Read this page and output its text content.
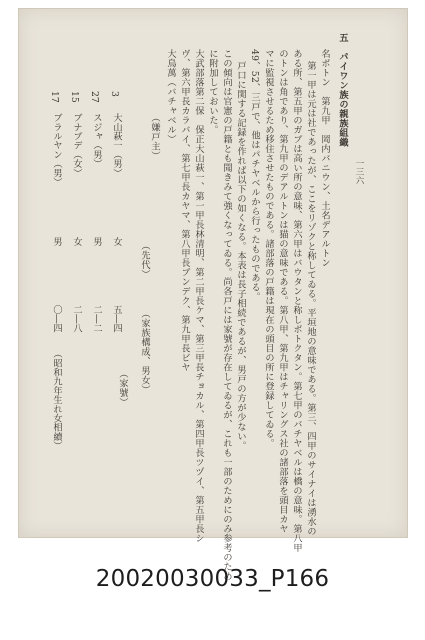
一三六
五　パイワン族の親族組織
名ボトン　第九甲　岡内バニウン、土名デアルトン
第一甲は元は社であったが、ここをリゾクと称してゐる。平垣地の意味である。第三、四甲のサイナイは湧水の
ある所、第五甲のガプは高い所の意味、第六甲はバウタンと称しボトクタン。第七甲のバチヤベルは橋の意味。第八甲
のトンは角であり、第九甲のデアルトンは猫の意味である。第八甲、第九甲はチャリングス社の諸部落を頭目カヤ
マに監視させるため移住させたものである。諸部落の戸籍は現在の頭目の所に登録してゐる。
49、52、三戸で、他はパチヤベルから行ったものである。
戸口に関する記録を作れば以下の如くなる。本表は長子相続であるが、男戸の方が少ない。
この傾向は官憲の戸籍とも聞きみて強くなってゐる。尚各戸には家號が存在してゐるが、これも一部のためにのみ参考のため
に附加しておいた。
大武部落第二保　保正大山萩一、第一甲長林清明、第二甲長ケマ、第三甲長チョカル、第四甲長ツヅイ、第五甲長シ
ヴ、第六甲長カラバイ、第七甲長カヤマ、第八甲長ブンデク、第九甲長ビヤ
大鳥萬（バチャベル）
（嫌戸主）
（先代）
（家族構成、男女）
（家號）
3
大山萩一（男）
女
五―四
27
スジャ（男）
男
二―二
15
ブナプデ（女）
女
二―八
17
ブラルヤン（男）
男
〇―四
（昭和九年生れ女相續）
20020030033_P166
